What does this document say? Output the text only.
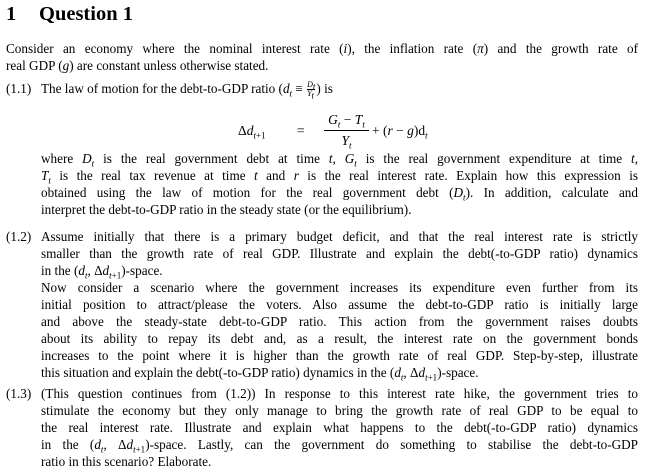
1 Question 1
Consider an economy where the nominal interest rate (i), the inflation rate (π) and the growth rate of
real GDP (g) are constant unless otherwise stated.
(1.1) The law of motion for the debt-to-GDP ratio ($d_t \equiv \frac{D_t}{Y_t}$ ) is
$\Delta d_{t+1}$ =
$G_t - T_t$
$Y_t$
+ $(r - g)d_t$
where $D_t$ is the real government debt at time t, $G_t$ is the real government expenditure at time t,
$T_t$ is the real tax revenue at time t and r is the real interest rate. Explain how this expression is
obtained using the law of motion for the real government debt $(D_t)$. In addition, calculate and
interpret the debt-to-GDP ratio in the steady state (or the equilibrium).
(1.2) Assume initially that there is a primary budget deficit, and that the real interest rate is strictly
smaller than the growth rate of real GDP. Illustrate and explain the debt(-to-GDP ratio) dynamics
in the ($d_t$, $\Delta d_{t+1}$)-space.
Now consider a scenario where the government increases its expenditure even further from its
initial position to attract/please the voters. Also assume the debt-to-GDP ratio is initially large
and above the steady-state debt-to-GDP ratio. This action from the government raises doubts
about its ability to repay its debt and, as a result, the interest rate on the government bonds
increases to the point where it is higher than the growth rate of real GDP. Step-by-step, illustrate
this situation and explain the debt(-to-GDP ratio) dynamics in the ($d_t$, $\Delta d_{t+1}$)-space.
(1.3) (This question continues from (1.2)) In response to this interest rate hike, the government tries to
stimulate the economy but they only manage to bring the growth rate of real GDP to be equal to
the real interest rate. Illustrate and explain what happens to the debt(-to-GDP ratio) dynamics
in the ($d_t$, $\Delta d_{t+1}$)-space. Lastly, can the government do something to stabilise the debt-to-GDP
ratio in this scenario? Elaborate.
